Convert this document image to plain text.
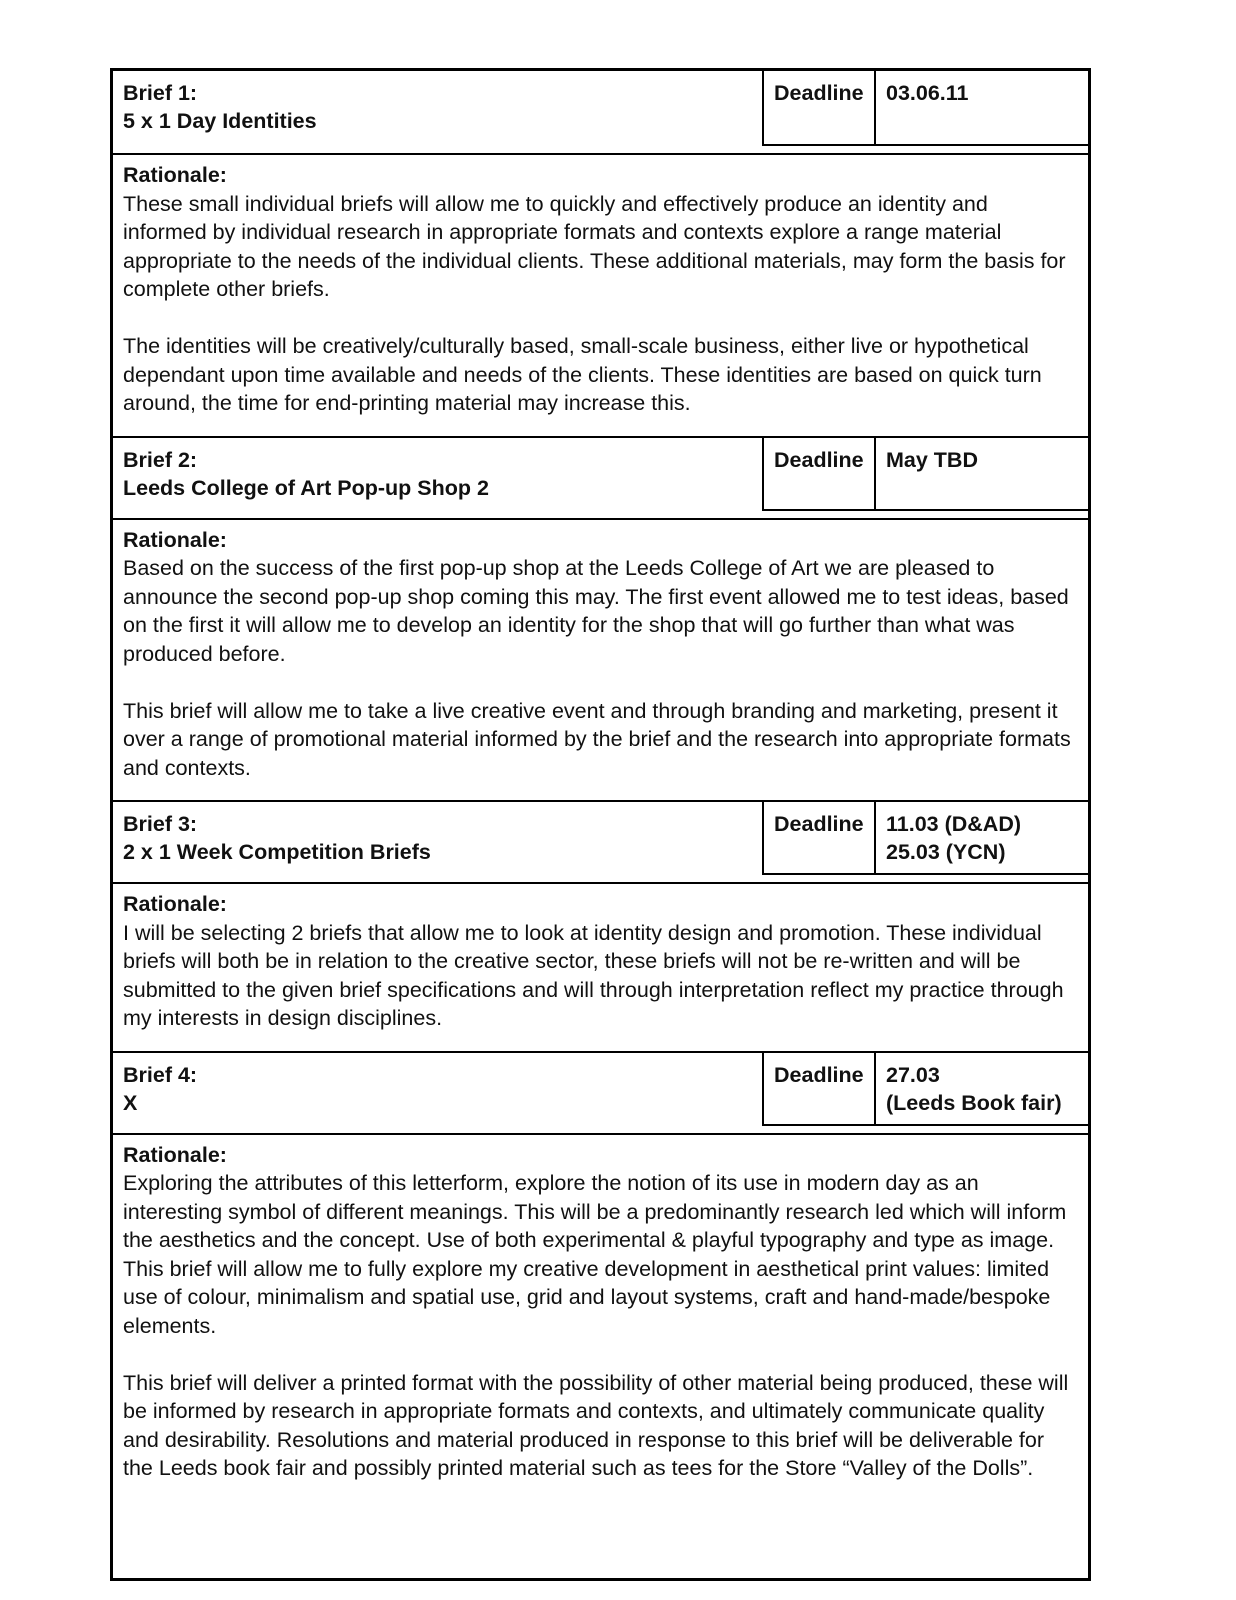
Brief 1:
5 x 1 Day Identities
Deadline	03.06.11
Rationale:

These small individual briefs will allow me to quickly and effectively produce an identity and informed by individual research in appropriate formats and contexts explore a range material appropriate to the needs of the individual clients. These additional materials, may form the basis for complete other briefs.

The identities will be creatively/culturally based, small-scale business, either live or hypothetical dependant upon time available and needs of the clients. These identities are based on quick turn around, the time for end-printing material may increase this.

Brief 2:
Leeds College of Art Pop-up Shop 2
Deadline	May TBD
Rationale:

Based on the success of the first pop-up shop at the Leeds College of Art we are pleased to announce the second pop-up shop coming this may. The first event allowed me to test ideas, based on the first it will allow me to develop an identity for the shop that will go further than what was produced before.

This brief will allow me to take a live creative event and through branding and marketing, present it over a range of promotional material informed by the brief and the research into appropriate formats and contexts.

Brief 3:
2 x 1 Week Competition Briefs
Deadline	11.03 (D&AD)
25.03 (YCN)
Rationale:

I will be selecting 2 briefs that allow me to look at identity design and promotion. These individual briefs will both be in relation to the creative sector, these briefs will not be re-written and will be submitted to the given brief specifications and will through interpretation reflect my practice through my interests in design disciplines.

Brief 4:
X
Deadline	27.03
(Leeds Book fair)
Rationale:

Exploring the attributes of this letterform, explore the notion of its use in modern day as an interesting symbol of different meanings. This will be a predominantly research led which will inform the aesthetics and the concept. Use of both experimental & playful typography and type as image. This brief will allow me to fully explore my creative development in aesthetical print values: limited use of colour, minimalism and spatial use, grid and layout systems, craft and hand-made/bespoke elements.

This brief will deliver a printed format with the possibility of other material being produced, these will be informed by research in appropriate formats and contexts, and ultimately communicate quality and desirability. Resolutions and material produced in response to this brief will be deliverable for the Leeds book fair and possibly printed material such as tees for the Store “Valley of the Dolls”.
